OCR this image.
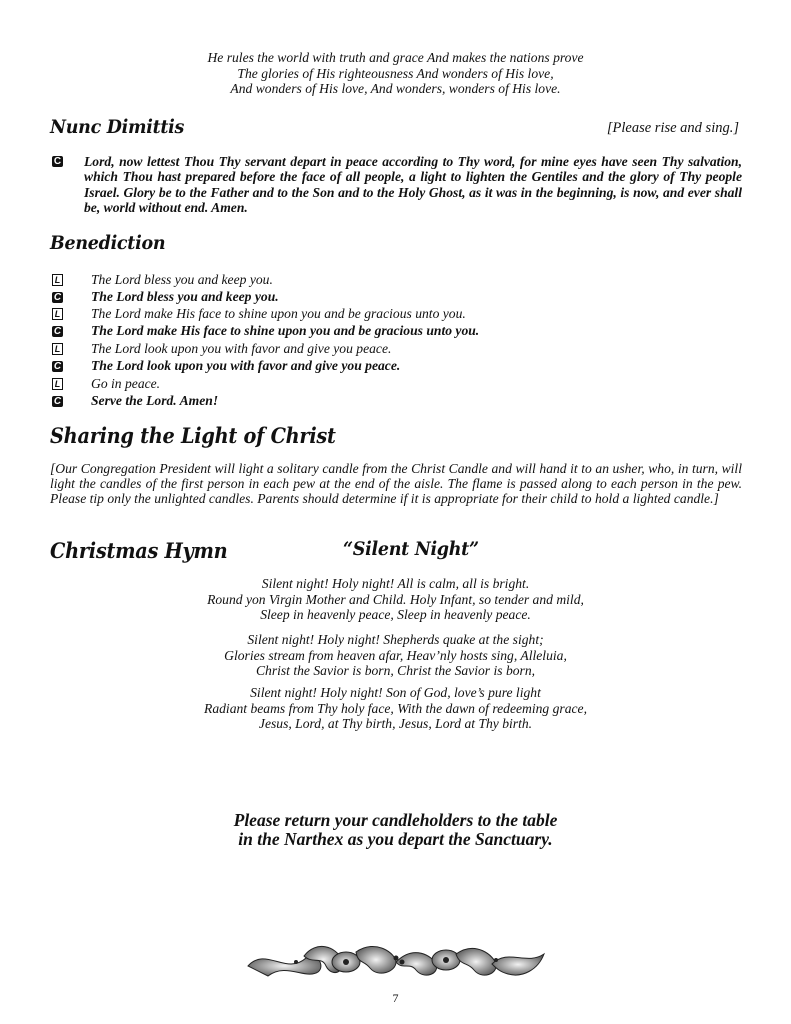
He rules the world with truth and grace And makes the nations prove
The glories of His righteousness And wonders of His love,
And wonders of His love, And wonders, wonders of His love.
Nunc Dimittis	[Please rise and sing.]
C Lord, now lettest Thou Thy servant depart in peace according to Thy word, for mine eyes have seen Thy salvation, which Thou hast prepared before the face of all people, a light to lighten the Gentiles and the glory of Thy people Israel. Glory be to the Father and to the Son and to the Holy Ghost, as it was in the beginning, is now, and ever shall be, world without end. Amen.
Benediction
L The Lord bless you and keep you.
C The Lord bless you and keep you.
L The Lord make His face to shine upon you and be gracious unto you.
C The Lord make His face to shine upon you and be gracious unto you.
L The Lord look upon you with favor and give you peace.
C The Lord look upon you with favor and give you peace.
L Go in peace.
C Serve the Lord. Amen!
Sharing the Light of Christ
[Our Congregation President will light a solitary candle from the Christ Candle and will hand it to an usher, who, in turn, will light the candles of the first person in each pew at the end of the aisle. The flame is passed along to each person in the pew. Please tip only the unlighted candles. Parents should determine if it is appropriate for their child to hold a lighted candle.]
Christmas Hymn	“Silent Night”
Silent night! Holy night! All is calm, all is bright.
Round yon Virgin Mother and Child. Holy Infant, so tender and mild,
Sleep in heavenly peace, Sleep in heavenly peace.
Silent night! Holy night! Shepherds quake at the sight;
Glories stream from heaven afar, Heav’nly hosts sing, Alleluia,
Christ the Savior is born, Christ the Savior is born,
Silent night! Holy night! Son of God, love’s pure light
Radiant beams from Thy holy face, With the dawn of redeeming grace,
Jesus, Lord, at Thy birth, Jesus, Lord at Thy birth.
Please return your candleholders to the table
in the Narthex as you depart the Sanctuary.
7
